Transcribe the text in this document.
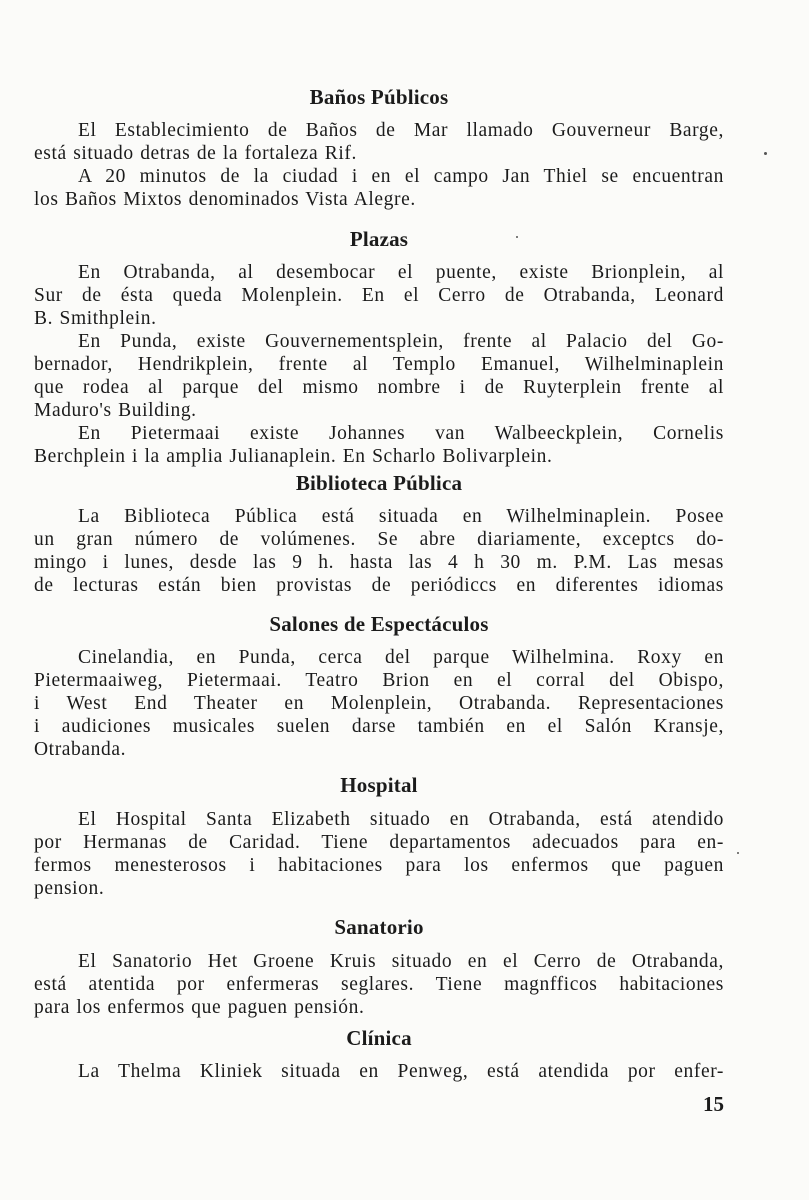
Baños Públicos
El Establecimiento de Baños de Mar llamado Gouverneur Barge,
está situado detras de la fortaleza Rif.
A 20 minutos de la ciudad i en el campo Jan Thiel se encuentran
los Baños Mixtos denominados Vista Alegre.
Plazas
En Otrabanda, al desembocar el puente, existe Brionplein, al
Sur de ésta queda Molenplein. En el Cerro de Otrabanda, Leonard
B. Smithplein.
En Punda, existe Gouvernementsplein, frente al Palacio del Go-
bernador, Hendrikplein, frente al Templo Emanuel, Wilhelminaplein
que rodea al parque del mismo nombre i de Ruyterplein frente al
Maduro's Building.
En Pietermaai existe Johannes van Walbeeckplein, Cornelis
Berchplein i la amplia Julianaplein. En Scharlo Bolivarplein.
Biblioteca Pública
La Biblioteca Pública está situada en Wilhelminaplein. Posee
un gran número de volúmenes. Se abre diariamente, exceptcs do-
mingo i lunes, desde las 9 h. hasta las 4 h 30 m. P.M. Las mesas
de lecturas están bien provistas de periódiccs en diferentes idiomas
Salones de Espectáculos
Cinelandia, en Punda, cerca del parque Wilhelmina. Roxy en
Pietermaaiweg, Pietermaai. Teatro Brion en el corral del Obispo,
i West End Theater en Molenplein, Otrabanda. Representaciones
i audiciones musicales suelen darse también en el Salón Kransje,
Otrabanda.
Hospital
El Hospital Santa Elizabeth situado en Otrabanda, está atendido
por Hermanas de Caridad. Tiene departamentos adecuados para en-
fermos menesterosos i habitaciones para los enfermos que paguen
pension.
Sanatorio
El Sanatorio Het Groene Kruis situado en el Cerro de Otrabanda,
está atentida por enfermeras seglares. Tiene magnfficos habitaciones
para los enfermos que paguen pensión.
Clínica
La Thelma Kliniek situada en Penweg, está atendida por enfer-
15
